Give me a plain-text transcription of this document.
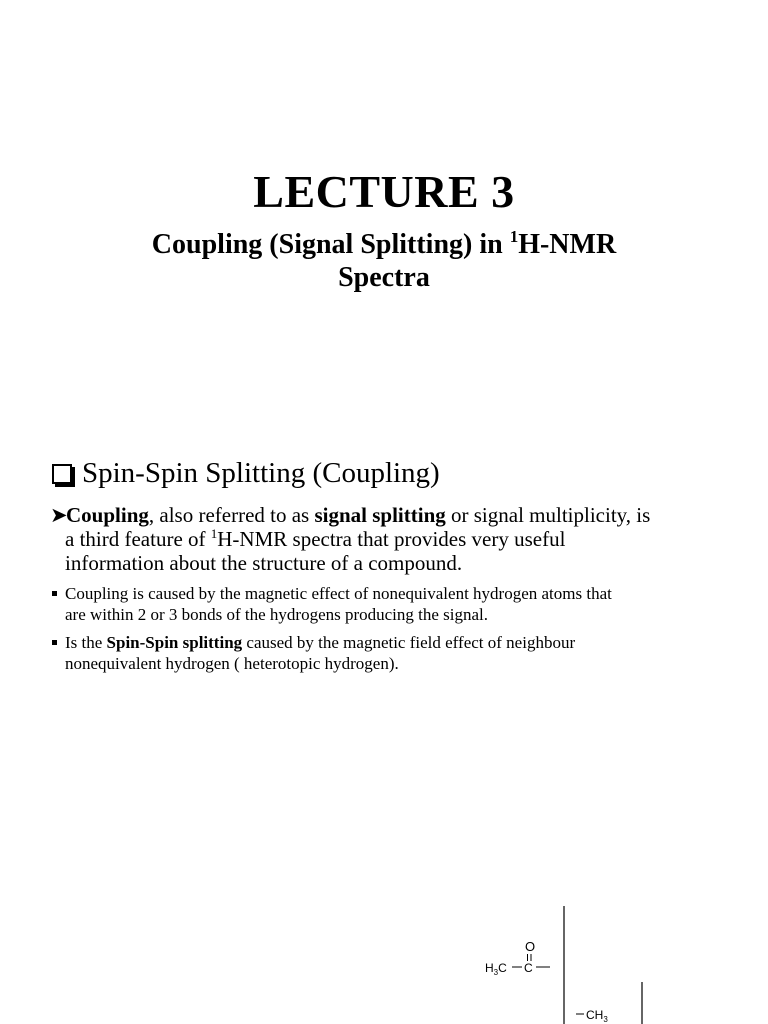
LECTURE 3

Coupling (Signal Splitting) in $^1$H-NMR
Spectra

Spin-Spin Splitting (Coupling)

➤Coupling, also referred to as signal splitting or signal multiplicity, is
a third feature of $^1$H-NMR spectra that provides very useful
information about the structure of a compound.

Coupling is caused by the magnetic effect of nonequivalent hydrogen atoms that
are within 2 or 3 bonds of the hydrogens producing the signal.
Is the Spin-Spin splitting caused by the magnetic field effect of neighbour
nonequivalent hydrogen ( heterotopic hydrogen).
O
$H_3C$ C
$CH_3$
